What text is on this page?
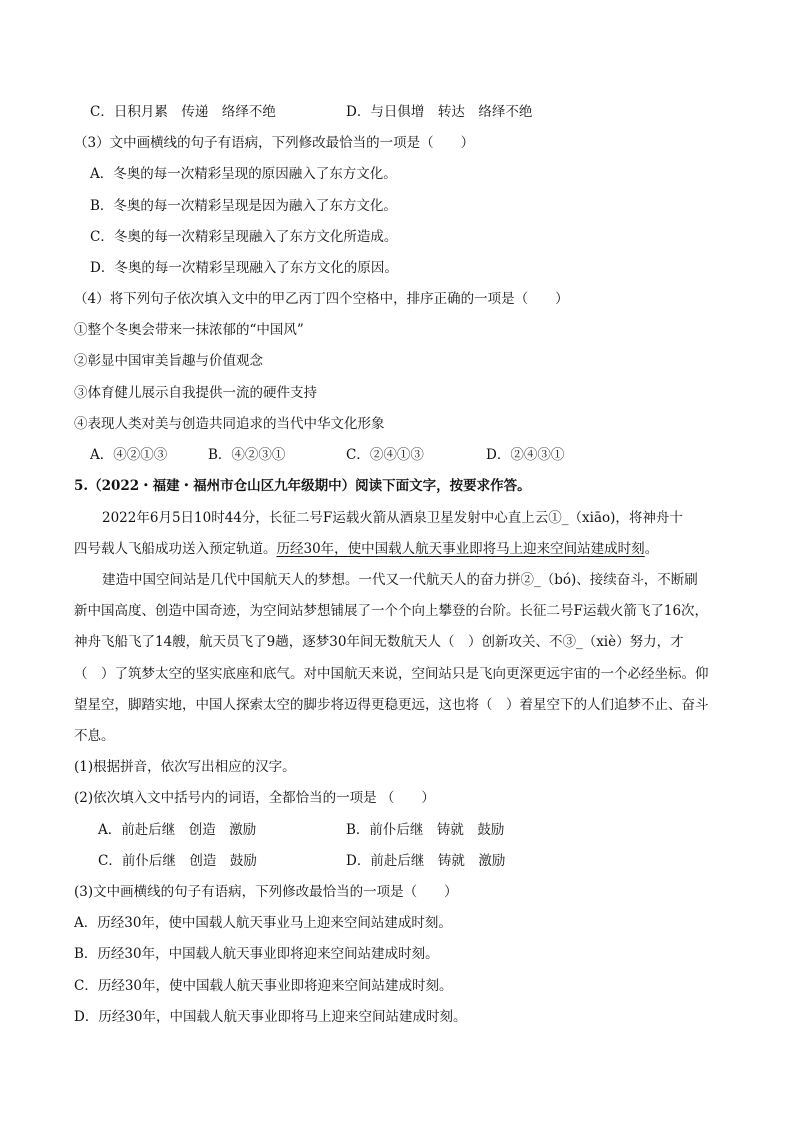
C．日积月累　传递　络绎不绝	D．与日俱增　转达　络绎不绝
（3）文中画横线的句子有语病，下列修改最恰当的一项是（　　）
A．冬奥的每一次精彩呈现的原因融入了东方文化。
B．冬奥的每一次精彩呈现是因为融入了东方文化。
C．冬奥的每一次精彩呈现融入了东方文化所造成。
D．冬奥的每一次精彩呈现融入了东方文化的原因。
（4）将下列句子依次填入文中的甲乙丙丁四个空格中，排序正确的一项是（　　）
①整个冬奥会带来一抹浓郁的“中国风”
②彰显中国审美旨趣与价值观念
③体育健儿展示自我提供一流的硬件支持
④表现人类对美与创造共同追求的当代中华文化形象
A．④②①③	B．④②③①	C．②④①③	D．②④③①
5.（2022・福建・福州市仓山区九年级期中）阅读下面文字，按要求作答。
2022年6月5日10时44分，长征二号F运载火箭从酒泉卫星发射中心直上云①_（xiāo)，将神舟十
四号载人飞船成功送入预定轨道。历经30年，使中国载人航天事业即将马上迎来空间站建成时刻。
建造中国空间站是几代中国航天人的梦想。一代又一代航天人的奋力拼②_（bó)、接续奋斗，不断刷
新中国高度、创造中国奇迹，为空间站梦想铺展了一个个向上攀登的台阶。长征二号F运载火箭飞了16次，
神舟飞船飞了14艘，航天员飞了9趟，逐梦30年间无数航天人（　）创新攻关、不③_（xiè）努力，才
（　）了筑梦太空的坚实底座和底气。对中国航天来说，空间站只是飞向更深更远宇宙的一个必经坐标。仰
望星空，脚踏实地，中国人探索太空的脚步将迈得更稳更远，这也将（　）着星空下的人们追梦不止、奋斗
不息。
(1)根据拼音，依次写出相应的汉字。
(2)依次填入文中括号内的词语，全都恰当的一项是 （　　）
A．前赴后继　创造　激励	B．前仆后继　铸就　鼓励
C．前仆后继　创造　鼓励	D．前赴后继　铸就　激励
(3)文中画横线的句子有语病，下列修改最恰当的一项是（　　）
A．历经30年，使中国载人航天事业马上迎来空间站建成时刻。
B．历经30年，中国载人航天事业即将迎来空间站建成时刻。
C．历经30年，使中国载人航天事业即将迎来空间站建成时刻。
D．历经30年，中国载人航天事业即将马上迎来空间站建成时刻。
